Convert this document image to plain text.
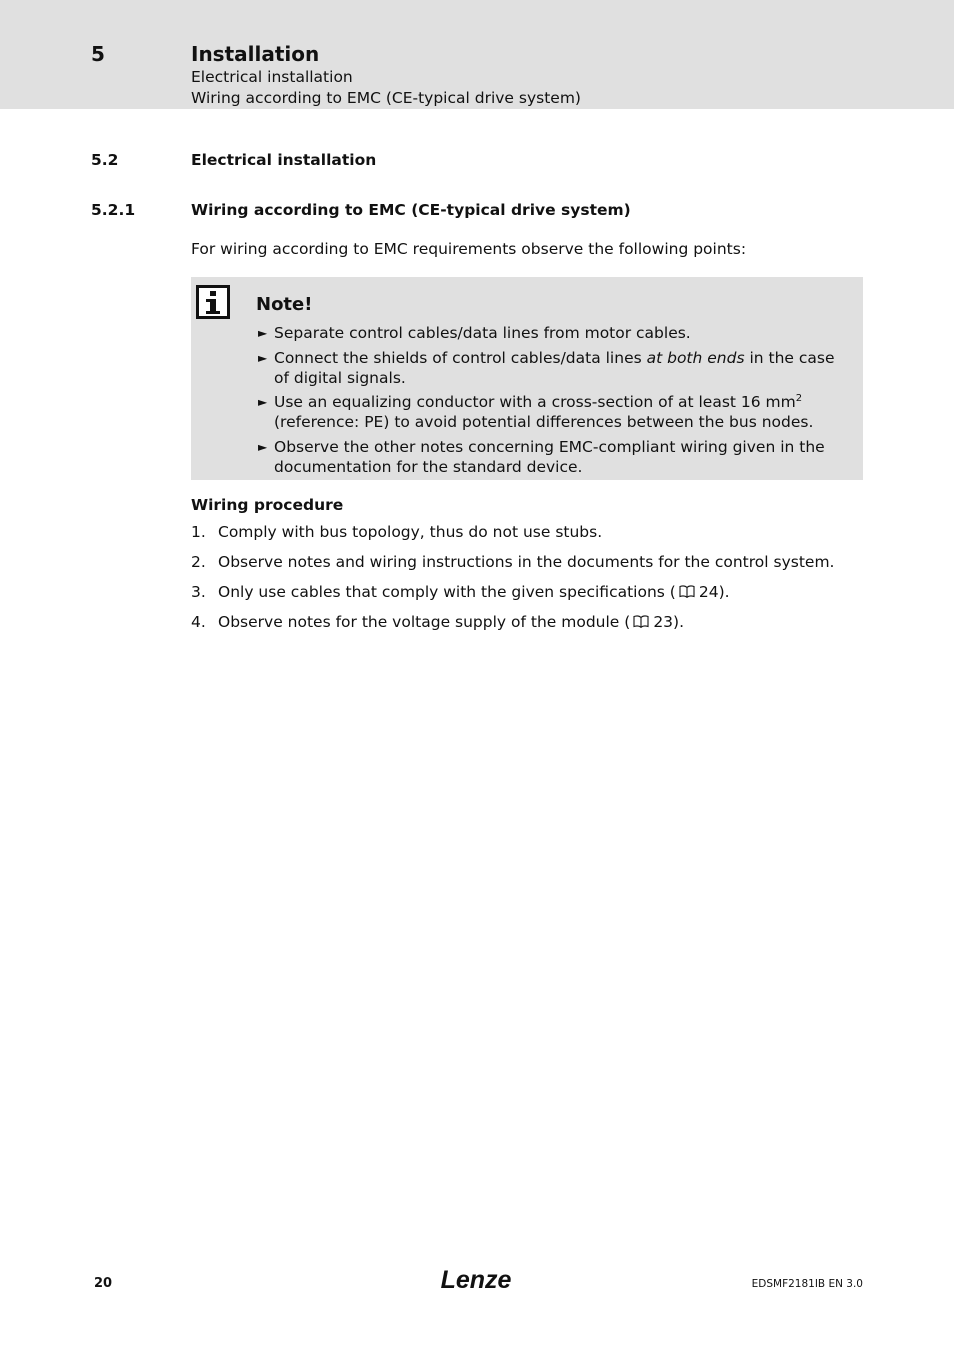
5	Installation
Electrical installation
Wiring according to EMC (CE-typical drive system)
5.2	Electrical installation
5.2.1	Wiring according to EMC (CE-typical drive system)
For wiring according to EMC requirements observe the following points:
Note!
► Separate control cables/data lines from motor cables.
► Connect the shields of control cables/data lines at both ends in the case of digital signals.
► Use an equalizing conductor with a cross-section of at least 16 $mm^2$
(reference: PE) to avoid potential differences between the bus nodes.
► Observe the other notes concerning EMC-compliant wiring given in the documentation for the standard device.
Wiring procedure
1. Comply with bus topology, thus do not use stubs.
2. Observe notes and wiring instructions in the documents for the control system.
3. Only use cables that comply with the given specifications ( 24).
4. Observe notes for the voltage supply of the module ( 23).
20	Lenze	EDSMF2181IB EN 3.0
